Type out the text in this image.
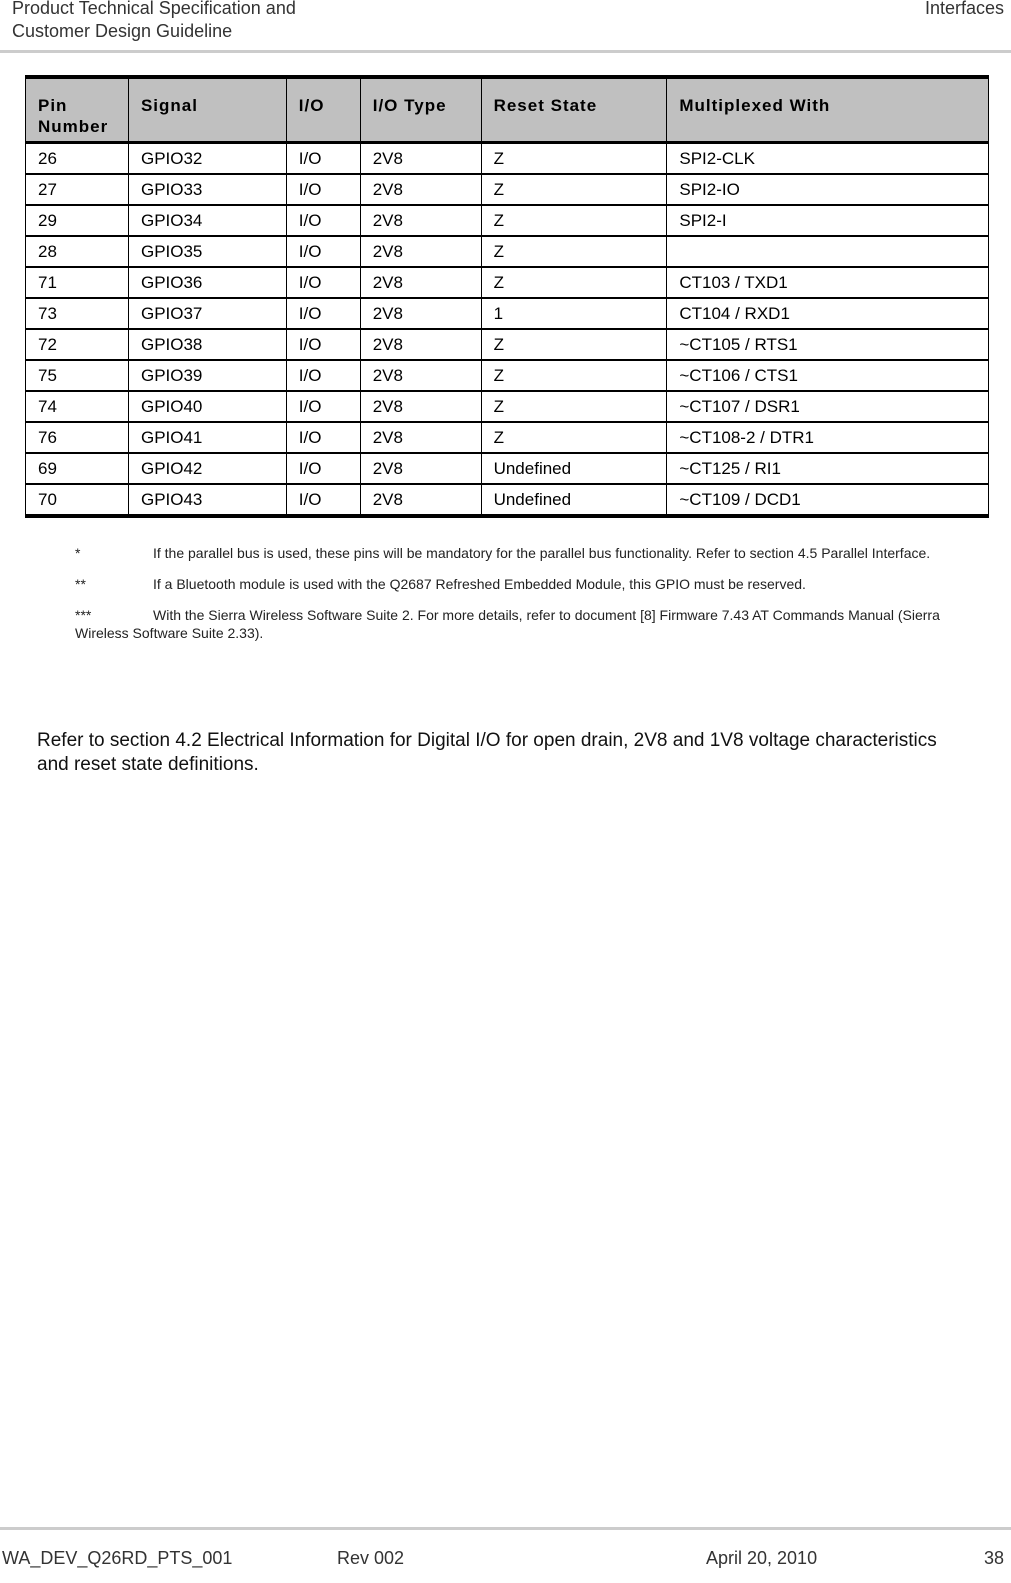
Product Technical Specification and
Customer Design Guideline
Interfaces
Pin Number	Signal	I/O	I/O Type	Reset State	Multiplexed With
26	GPIO32	I/O	2V8	Z	SPI2-CLK
27	GPIO33	I/O	2V8	Z	SPI2-IO
29	GPIO34	I/O	2V8	Z	SPI2-I
28	GPIO35	I/O	2V8	Z	
71	GPIO36	I/O	2V8	Z	CT103 / TXD1
73	GPIO37	I/O	2V8	1	CT104 / RXD1
72	GPIO38	I/O	2V8	Z	~CT105 / RTS1
75	GPIO39	I/O	2V8	Z	~CT106 / CTS1
74	GPIO40	I/O	2V8	Z	~CT107 / DSR1
76	GPIO41	I/O	2V8	Z	~CT108-2 / DTR1
69	GPIO42	I/O	2V8	Undefined	~CT125 / RI1
70	GPIO43	I/O	2V8	Undefined	~CT109 / DCD1

*	If the parallel bus is used, these pins will be mandatory for the parallel bus functionality. Refer to section 4.5 Parallel Interface.

**	If a Bluetooth module is used with the Q2687 Refreshed Embedded Module, this GPIO must be reserved.

***	With the Sierra Wireless Software Suite 2. For more details, refer to document [8] Firmware 7.43 AT Commands Manual (Sierra Wireless Software Suite 2.33).

Refer to section 4.2 Electrical Information for Digital I/O for open drain, 2V8 and 1V8 voltage characteristics and reset state definitions.

WA_DEV_Q26RD_PTS_001	Rev 002	April 20, 2010	38
